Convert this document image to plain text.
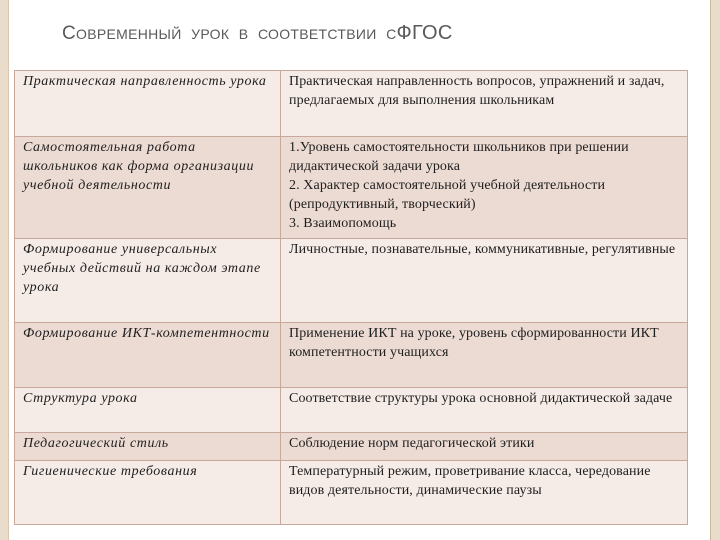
СОВРЕМЕННЫЙ УРОК В СООТВЕТСТВИИ СФГОС
Практическая направленность урока	Практическая направленность вопросов, упражнений и задач, предлагаемых для выполнения школьникам
Самостоятельная работа школьников как форма организации учебной деятельности	1.Уровень самостоятельности школьников при решении дидактической задачи урока
2. Характер самостоятельной учебной деятельности (репродуктивный, творческий)
3. Взаимопомощь
Формирование универсальных учебных действий на каждом этапе урока	Личностные, познавательные, коммуникативные, регулятивные
Формирование ИКТ-компетентности	Применение ИКТ на уроке, уровень сформированности ИКТ компетентности учащихся
Структура урока	Соответствие структуры урока основной дидактической задаче
Педагогический стиль	Соблюдение норм педагогической этики
Гигиенические требования	Температурный режим, проветривание класса, чередование видов деятельности, динамические паузы
